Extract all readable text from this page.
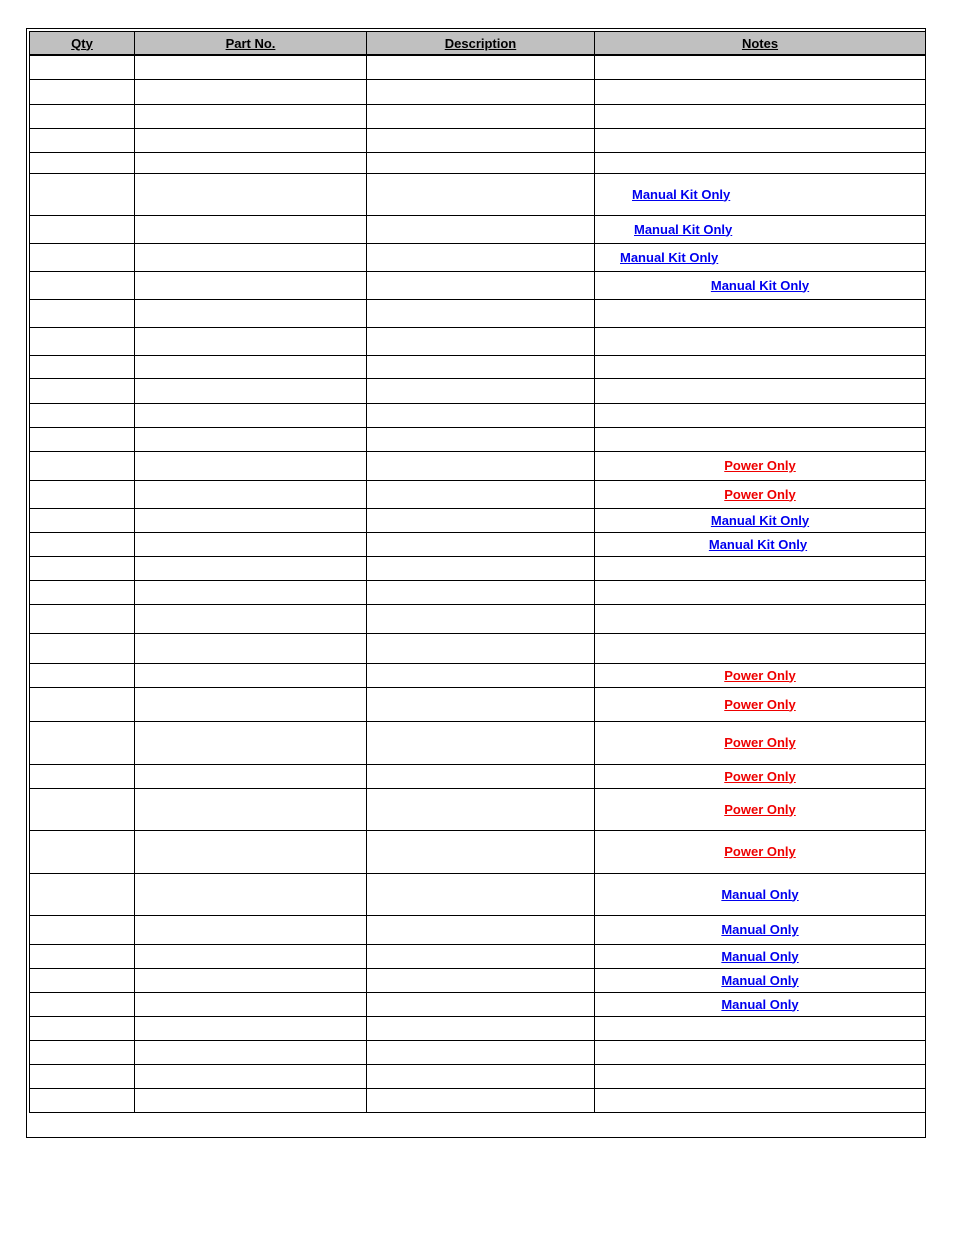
Qty	Part No.	Description	Notes

			Manual Kit Only
			Manual Kit Only
			Manual Kit Only
			Manual Kit Only

			Power Only
			Power Only
			Manual Kit Only
			Manual Kit Only

			Power Only
			Power Only
			Power Only
			Power Only
			Power Only
			Power Only
			Manual Only
			Manual Only
			Manual Only
			Manual Only
			Manual Only
